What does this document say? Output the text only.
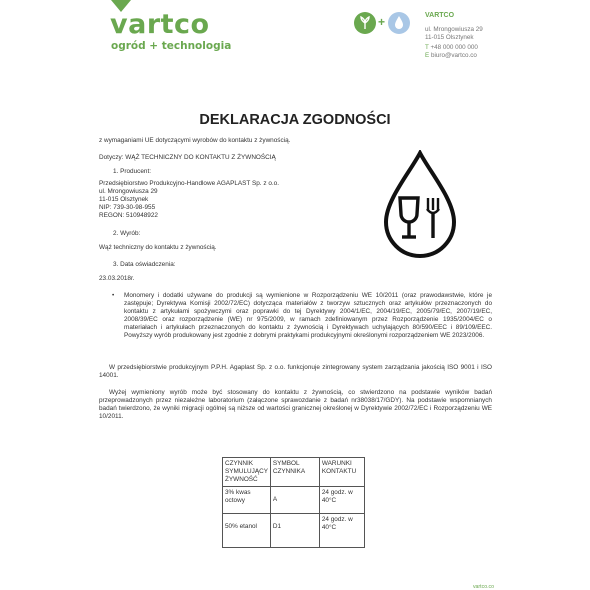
vartco
ogród + technologia
+	VARTCO
ul. Mrongowiusza 29
11-015 Olsztynek
T +48 000 000 000
E biuro@vartco.co
DEKLARACJA ZGODNOŚCI
z wymaganiami UE dotyczącymi wyrobów do kontaktu z żywnością.
Dotyczy: WĄŻ TECHNICZNY DO KONTAKTU Z ŻYWNOŚCIĄ
1. Producent:
Przedsiębiorstwo Produkcyjno-Handlowe AGAPLAST Sp. z o.o.
ul. Mrongowiusza 29
11-015 Olsztynek
NIP: 739-30-98-955
REGON: 510948922
2. Wyrób:
Wąż techniczny do kontaktu z żywnością.
3. Data oświadczenia:
23.03.2018r.
• Monomery i dodatki używane do produkcji są wymienione w Rozporządzeniu WE 10/2011 (oraz prawodawstwie, które je zastępuje; Dyrektywa Komisji 2002/72/EC) dotycząca materiałów z tworzyw sztucznych oraz artykułów przeznaczonych do kontaktu z artykułami spożywczymi oraz poprawki do tej Dyrektywy 2004/1/EC, 2004/19/EC, 2005/79/EC, 2007/19/EC, 2008/39/EC oraz rozporządzenie (WE) nr 975/2009, w ramach zdefiniowanym przez Rozporządzenie 1935/2004/EC o materiałach i artykułach przeznaczonych do kontaktu z żywnością i Dyrektywach uchylających 80/590/EEC i 89/109/EEC. Powyższy wyrób produkowany jest zgodnie z dobrymi praktykami produkcyjnymi określonymi rozporządzeniem WE 2023/2006.
W przedsiębiorstwie produkcyjnym P.P.H. Agaplast Sp. z o.o. funkcjonuje zintegrowany system zarządzania jakością ISO 9001 i ISO 14001.
Wyżej wymieniony wyrób może być stosowany do kontaktu z żywnością, co stwierdzono na podstawie wyników badań przeprowadzonych przez niezależne laboratorium (załączone sprawozdanie z badań nr38038/17/GDY). Na podstawie wspomnianych badań twierdzono, że wyniki migracji ogólnej są niższe od wartości granicznej określonej w Dyrektywie 2002/72/EC i Rozporządzeniu WE 10/2011.
CZYNNIK SYMULUJĄCY ŻYWNOŚĆ	SYMBOL CZYNNIKA	WARUNKI KONTAKTU
3% kwas octowy	A	24 godz. w 40°C
50% etanol	D1	24 godz. w 40°C
vartco.co
